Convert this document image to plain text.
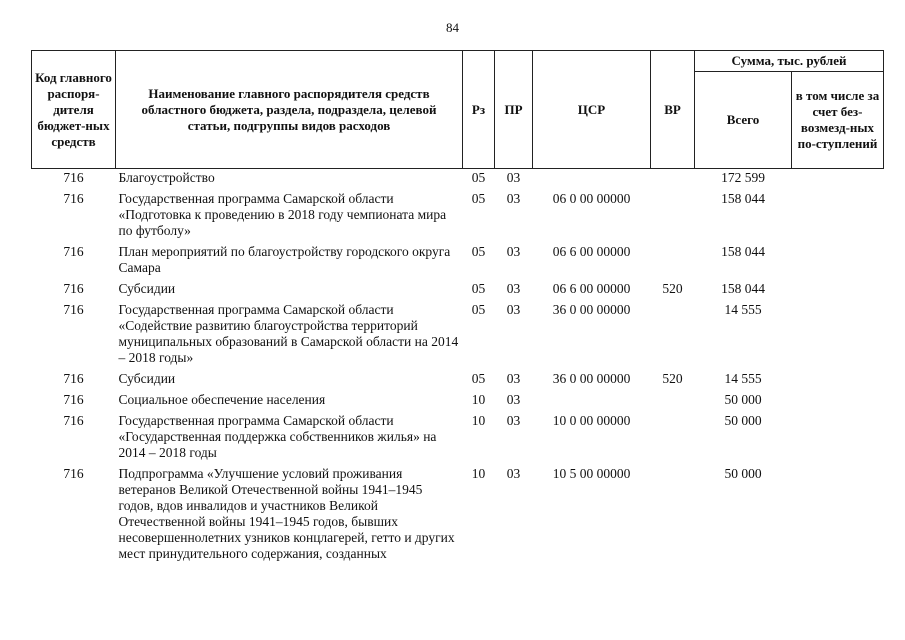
84
Код главного распоря-дителя бюджет-ных средств	Наименование главного распорядителя средств областного бюджета, раздела, подраздела, целевой статьи, подгруппы видов расходов	Рз	ПР	ЦСР	ВР	Сумма, тыс. рублей	
						Всего	в том числе за счет без-возмезд-ных по-ступлений
716	Благоустройство	05	03			172 599	
716	Государственная программа Самарской области «Подготовка к проведению в 2018 году чемпионата мира по футболу»	05	03	06 0 00 00000		158 044	
716	План мероприятий по благоустройству городского округа Самара	05	03	06 6 00 00000		158 044	
716	Субсидии	05	03	06 6 00 00000	520	158 044	
716	Государственная программа Самарской области «Содействие развитию благоустройства территорий муниципальных образований в Самарской области на 2014 – 2018 годы»	05	03	36 0 00 00000		14 555	
716	Субсидии	05	03	36 0 00 00000	520	14 555	
716	Социальное обеспечение населения	10	03			50 000	
716	Государственная программа Самарской области «Государственная поддержка собственников жилья» на 2014 – 2018 годы	10	03	10 0 00 00000		50 000	
716	Подпрограмма «Улучшение условий проживания ветеранов Великой Отечественной войны 1941–1945 годов, вдов инвалидов и участников Великой Отечественной войны 1941–1945 годов, бывших несовершеннолетних узников концлагерей, гетто и других мест принудительного содержания, созданных	10	03	10 5 00 00000		50 000	
